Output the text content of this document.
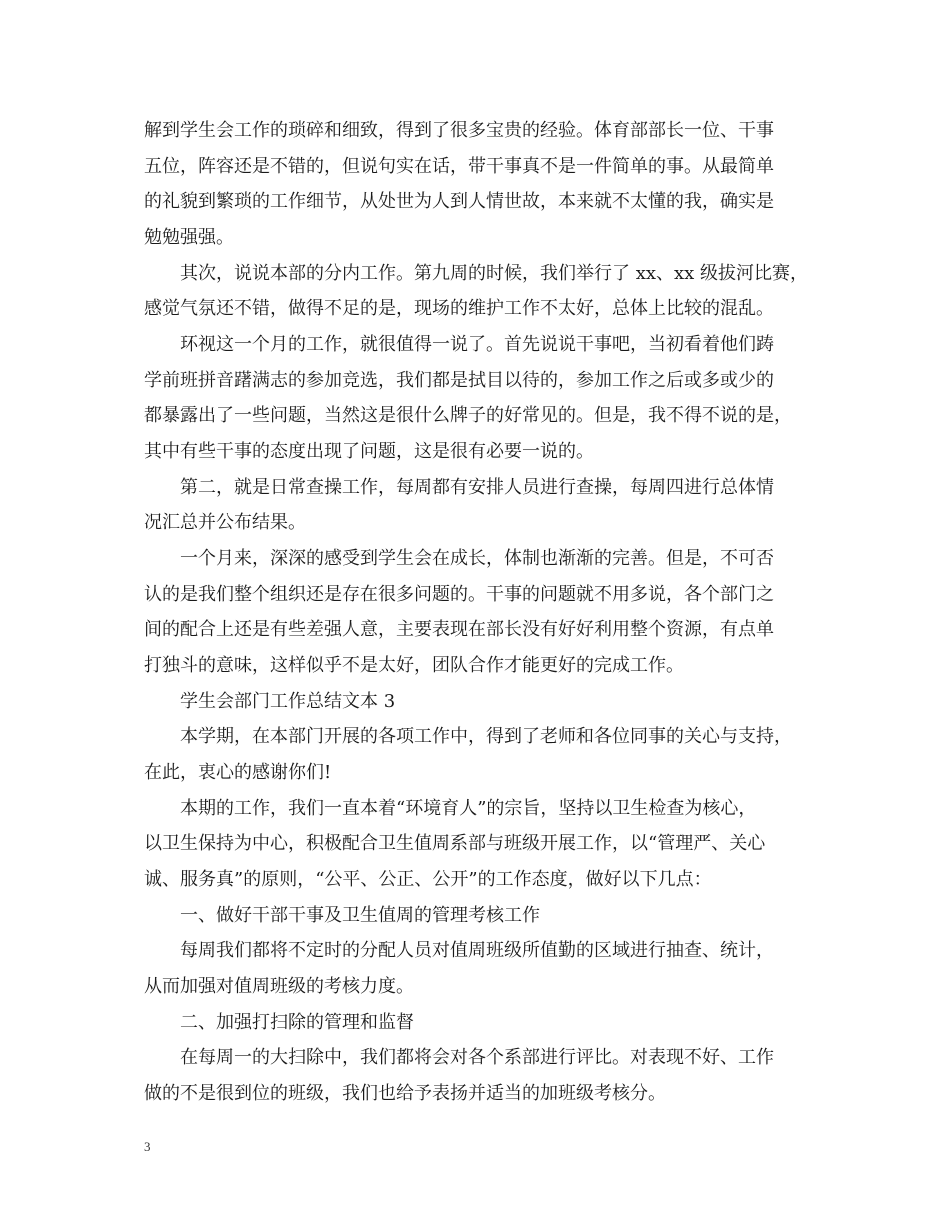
解到学生会工作的琐碎和细致，得到了很多宝贵的经验。体育部部长一位、干事
五位，阵容还是不错的，但说句实在话，带干事真不是一件简单的事。从最简单
的礼貌到繁琐的工作细节，从处世为人到人情世故，本来就不太懂的我，确实是
勉勉强强。
其次，说说本部的分内工作。第九周的时候，我们举行了 xx、xx 级拔河比赛，
感觉气氛还不错，做得不足的是，现场的维护工作不太好，总体上比较的混乱。
环视这一个月的工作，就很值得一说了。首先说说干事吧，当初看着他们踌
学前班拼音躇满志的参加竞选，我们都是拭目以待的，参加工作之后或多或少的
都暴露出了一些问题，当然这是很什么牌子的好常见的。但是，我不得不说的是，
其中有些干事的态度出现了问题，这是很有必要一说的。
第二，就是日常查操工作，每周都有安排人员进行查操，每周四进行总体情
况汇总并公布结果。
一个月来，深深的感受到学生会在成长，体制也渐渐的完善。但是，不可否
认的是我们整个组织还是存在很多问题的。干事的问题就不用多说，各个部门之
间的配合上还是有些差强人意，主要表现在部长没有好好利用整个资源，有点单
打独斗的意味，这样似乎不是太好，团队合作才能更好的完成工作。
学生会部门工作总结文本 3
本学期，在本部门开展的各项工作中，得到了老师和各位同事的关心与支持，
在此，衷心的感谢你们!
本期的工作，我们一直本着“环境育人”的宗旨，坚持以卫生检查为核心，
以卫生保持为中心，积极配合卫生值周系部与班级开展工作，以“管理严、关心
诚、服务真”的原则，“公平、公正、公开”的工作态度，做好以下几点：
一、做好干部干事及卫生值周的管理考核工作
每周我们都将不定时的分配人员对值周班级所值勤的区域进行抽查、统计，
从而加强对值周班级的考核力度。
二、加强打扫除的管理和监督
在每周一的大扫除中，我们都将会对各个系部进行评比。对表现不好、工作
做的不是很到位的班级，我们也给予表扬并适当的加班级考核分。
3
